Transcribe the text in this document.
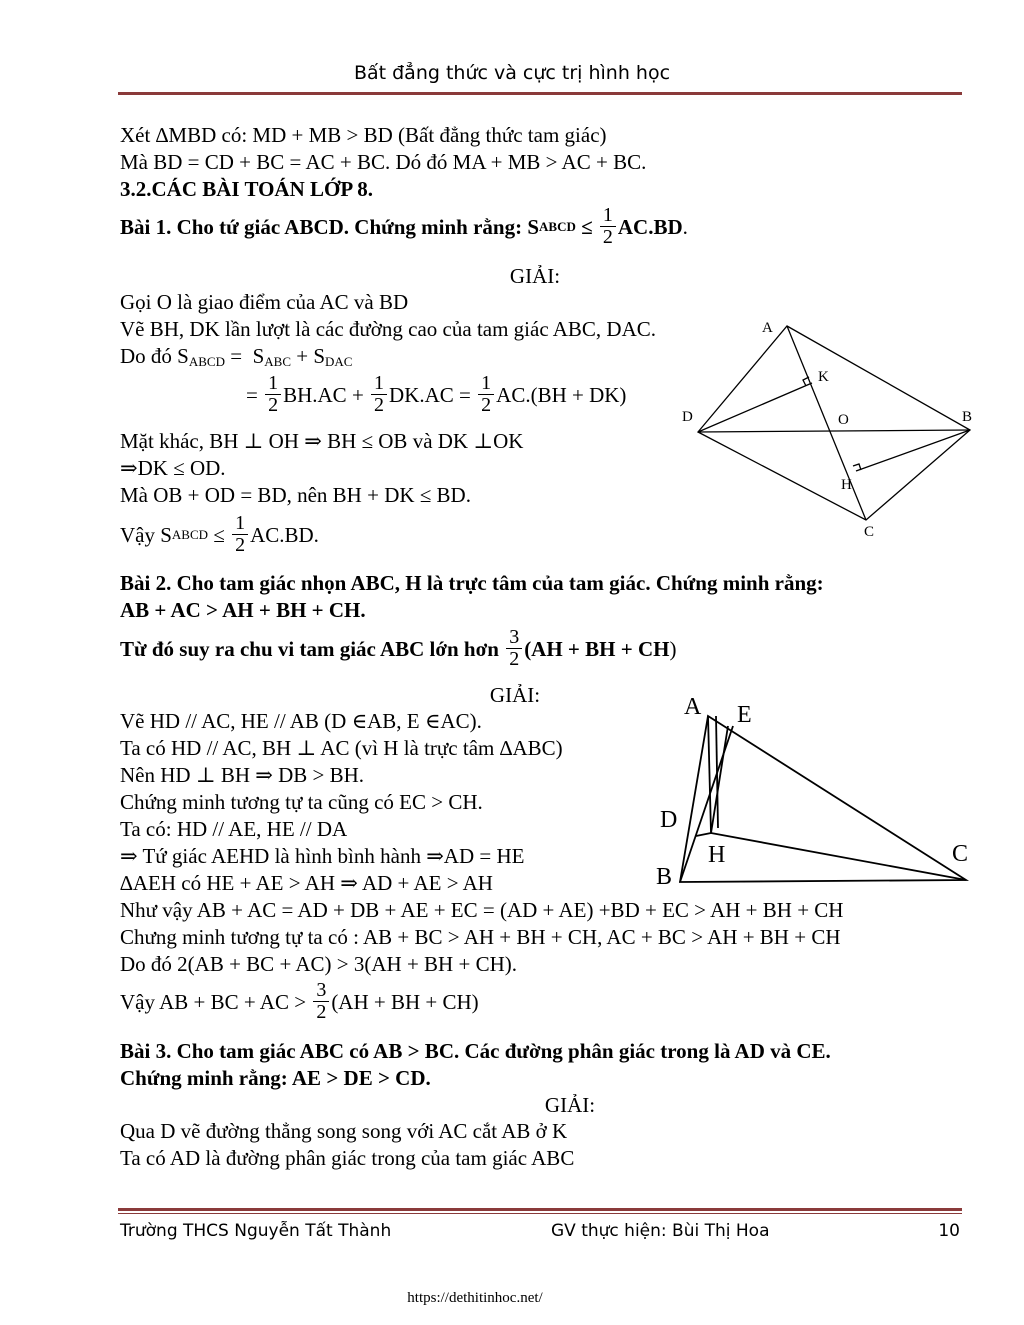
Bất đẳng thức và cực trị hình học
Xét ∆MBD có: MD + MB > BD (Bất đẳng thức tam giác)
Mà BD = CD + BC = AC + BC. Dó đó MA + MB > AC + BC.
3.2.CÁC BÀI TOÁN LỚP 8.
Bài 1. Cho tứ giác ABCD. Chứng minh rằng: S ABCD ≤ $\frac{1}{2} AC.BD$ .
GIẢI:
Gọi O là giao điểm của AC và BD
Vẽ BH, DK lần lượt là các đường cao của tam giác ABC, DAC.
Do đó $S_{ABCD} = S_{ABC} + S_{DAC}$
= $\frac{1}{2} BH.AC + \frac{1}{2} DK.AC = \frac{1}{2} AC.(BH + DK)$
Mặt khác, BH ⊥ OH ⇒ BH ≤ OB và DK ⊥OK
⇒DK ≤ OD.
Mà OB + OD = BD, nên BH + DK ≤ BD.
Vậy S ABCD ≤ $\frac{1}{2} AC.BD$.
Bài 2. Cho tam giác nhọn ABC, H là trực tâm của tam giác. Chứng minh rằng:
AB + AC > AH + BH + CH.
Từ đó suy ra chu vi tam giác ABC lớn hơn
$\frac{3}{2} (AH$ + BH + CH )
GIẢI:
Vẽ HD // AC, HE // AB (D ∈AB, E ∈AC).
Ta có HD // AC, BH ⊥ AC (vì H là trực tâm ∆ABC)
Nên HD ⊥ BH ⇒ DB > BH.
Chứng minh tương tự ta cũng có EC > CH.
Ta có: HD // AE, HE // DA
⇒ Tứ giác AEHD là hình bình hành ⇒AD = HE
∆AEH có HE + AE > AH ⇒ AD + AE > AH
Như vậy AB + AC = AD + DB + AE + EC = (AD + AE) +BD + EC > AH + BH + CH
Chưng minh tương tự ta có : AB + BC > AH + BH + CH, AC + BC > AH + BH + CH
Do đó 2(AB + BC + AC) > 3(AH + BH + CH).
Vậy AB + BC + AC >
$\frac{3}{2} (AH$ + BH + CH)
Bài 3. Cho tam giác ABC có AB > BC. Các đường phân giác trong là AD và CE.
Chứng minh rằng: AE > DE > CD.
GIẢI:
Qua D vẽ đường thẳng song song với AC cắt AB ở K
Ta có AD là đường phân giác trong của tam giác ABC
A
K
D	O	B
H
C
A E
D
H	C
B
Trường THCS Nguyễn Tất Thành	GV thực hiện: Bùi Thị Hoa	10
https://dethitinhoc.net/
